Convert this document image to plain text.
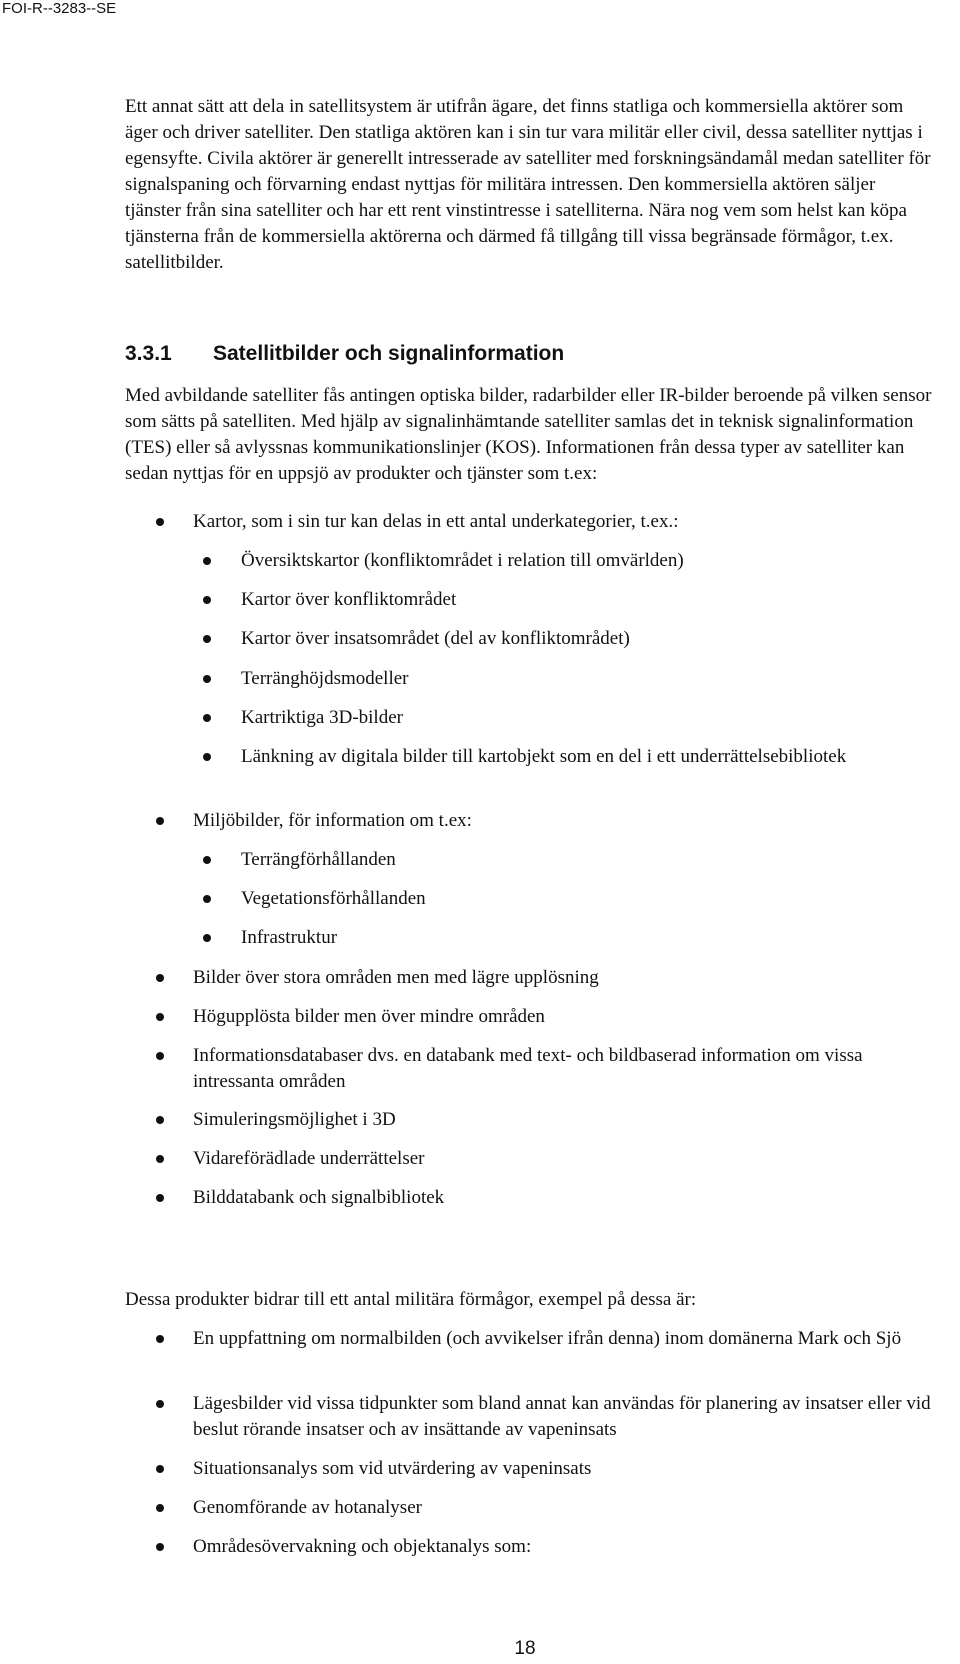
FOI-R--3283--SE

Ett annat sätt att dela in satellitsystem är utifrån ägare, det finns statliga och kommersiella aktörer som äger och driver satelliter. Den statliga aktören kan i sin tur vara militär eller civil, dessa satelliter nyttjas i egensyfte. Civila aktörer är generellt intresserade av satelliter med forskningsändamål medan satelliter för signalspaning och förvarning endast nyttjas för militära intressen. Den kommersiella aktören säljer tjänster från sina satelliter och har ett rent vinstintresse i satelliterna. Nära nog vem som helst kan köpa tjänsterna från de kommersiella aktörerna och därmed få tillgång till vissa begränsade förmågor, t.ex. satellitbilder.

3.3.1 Satellitbilder och signalinformation

Med avbildande satelliter fås antingen optiska bilder, radarbilder eller IR-bilder beroende på vilken sensor som sätts på satelliten. Med hjälp av signalinhämtande satelliter samlas det in teknisk signalinformation (TES) eller så avlyssnas kommunikationslinjer (KOS). Informationen från dessa typer av satelliter kan sedan nyttjas för en uppsjö av produkter och tjänster som t.ex:

Kartor, som i sin tur kan delas in ett antal underkategorier, t.ex.:
Översiktskartor (konfliktområdet i relation till omvärlden)
Kartor över konfliktområdet
Kartor över insatsområdet (del av konfliktområdet)
Terränghöjdsmodeller
Kartriktiga 3D-bilder
Länkning av digitala bilder till kartobjekt som en del i ett underrättelsebibliotek
Miljöbilder, för information om t.ex:
Terrängförhållanden
Vegetationsförhållanden
Infrastruktur
Bilder över stora områden men med lägre upplösning
Högupplösta bilder men över mindre områden
Informationsdatabaser dvs. en databank med text- och bildbaserad information om vissa intressanta områden
Simuleringsmöjlighet i 3D
Vidareförädlade underrättelser
Bilddatabank och signalbibliotek
Dessa produkter bidrar till ett antal militära förmågor, exempel på dessa är:
En uppfattning om normalbilden (och avvikelser ifrån denna) inom domänerna Mark och Sjö
Lägesbilder vid vissa tidpunkter som bland annat kan användas för planering av insatser eller vid beslut rörande insatser och av insättande av vapeninsats
Situationsanalys som vid utvärdering av vapeninsats
Genomförande av hotanalyser
Områdesövervakning och objektanalys som:
18
